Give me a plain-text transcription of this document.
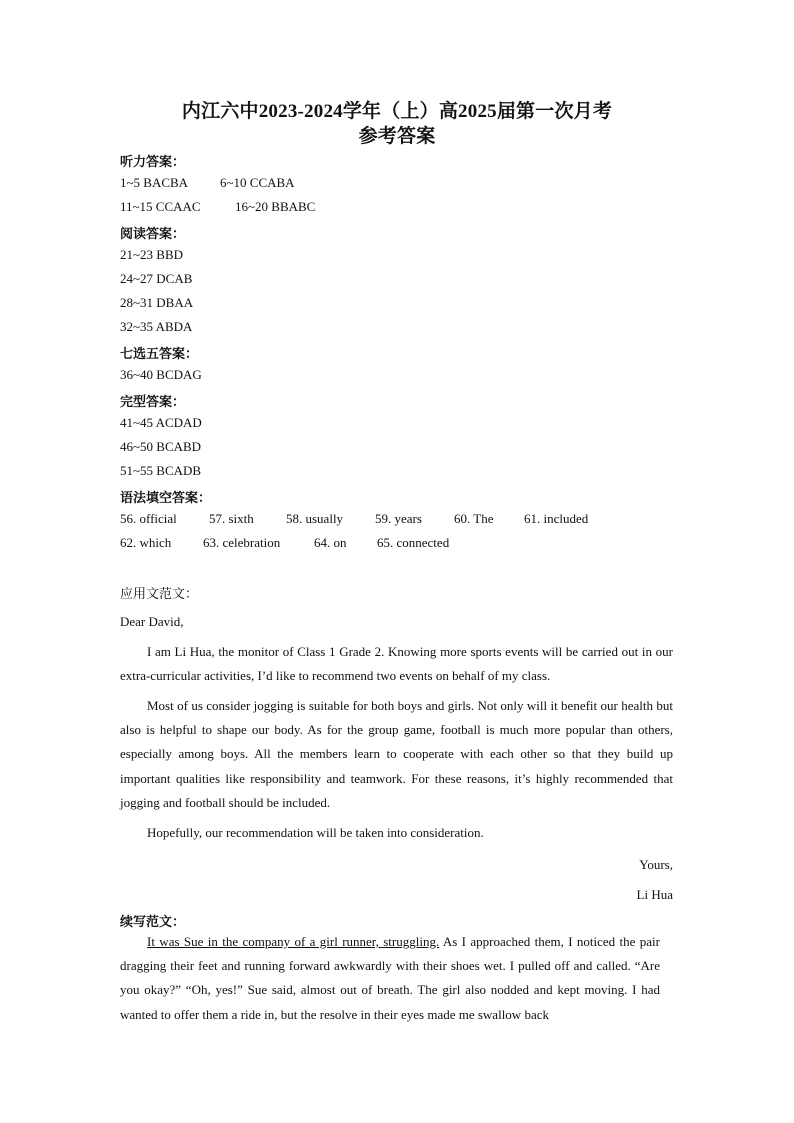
内江六中2023-2024学年（上）高2025届第一次月考
参考答案
听力答案：
1~5 BACBA 6~10 CCABA
11~15 CCAAC	16~20 BBABC
阅读答案：
21~23 BBD
24~27 DCAB
28~31 DBAA
32~35 ABDA
七选五答案：
36~40 BCDAG
完型答案：
41~45 ACDAD
46~50 BCABD
51~55 BCADB
语法填空答案：
56. official 57. sixth 58. usually 59. years 60. The 61. included
62. which 63. celebration	64. on 65. connected
应用文范文：
Dear David,
I am Li Hua, the monitor of Class 1 Grade 2. Knowing more sports events will be carried out in our extra-curricular activities, I’d like to recommend two events on behalf of my class.
Most of us consider jogging is suitable for both boys and girls. Not only will it benefit our health but also is helpful to shape our body. As for the group game, football is much more popular than others, especially among boys. All the members learn to cooperate with each other so that they build up important qualities like responsibility and teamwork. For these reasons, it’s highly recommended that jogging and football should be included.
Hopefully, our recommendation will be taken into consideration.
Yours,
Li Hua
续写范文：
It was Sue in the company of a girl runner, struggling. As I approached them, I noticed the pair dragging their feet and running forward awkwardly with their shoes wet. I pulled off and called. “Are you okay?” “Oh, yes!” Sue said, almost out of breath. The girl also nodded and kept moving. I had wanted to offer them a ride in, but the resolve in their eyes made me swallow back
